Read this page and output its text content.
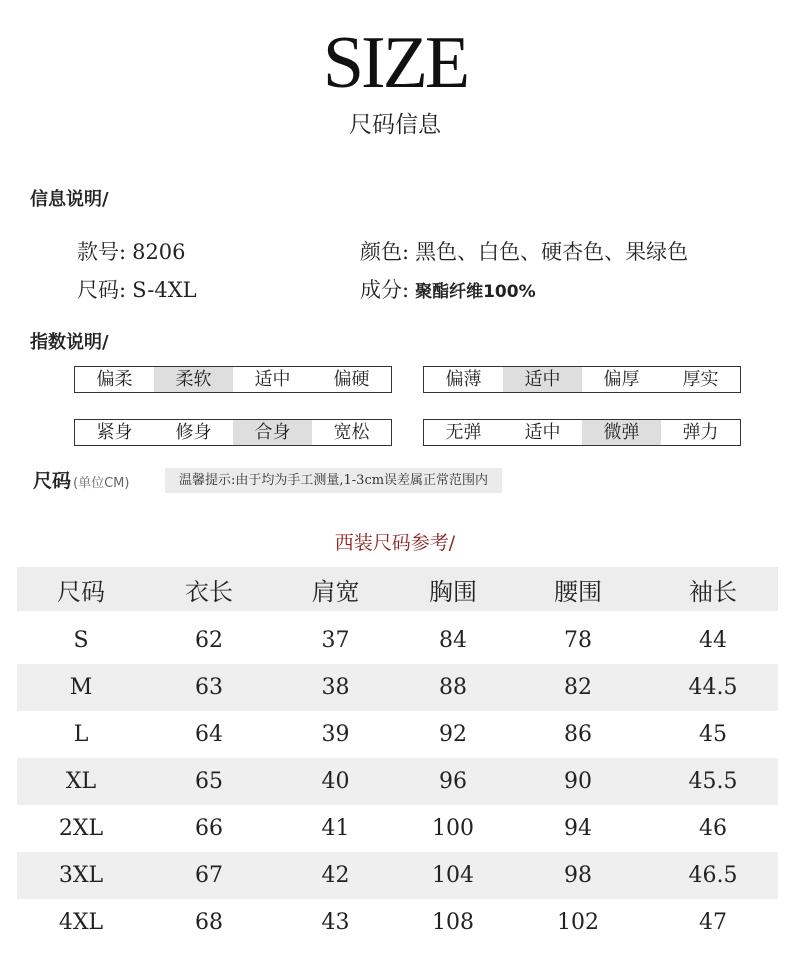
SIZE
尺码信息
信息说明/
款号: 8206
尺码: S-4XL
颜色: 黑色、白色、硬杏色、果绿色
成分: 聚酯纤维100%
指数说明/
偏柔	柔软	适中	偏硬	偏薄	适中	偏厚	厚实
紧身	修身	合身	宽松	无弹	适中	微弹	弹力
尺码 (单位CM)	温馨提示:由于均为手工测量,1-3cm误差属正常范围内
西装尺码参考/
尺码	衣长	肩宽	胸围	腰围	袖长
S	62	37	84	78	44
M	63	38	88	82	44.5
L	64	39	92	86	45
XL	65	40	96	90	45.5
2XL	66	41	100	94	46
3XL	67	42	104	98	46.5
4XL	68	43	108	102	47
